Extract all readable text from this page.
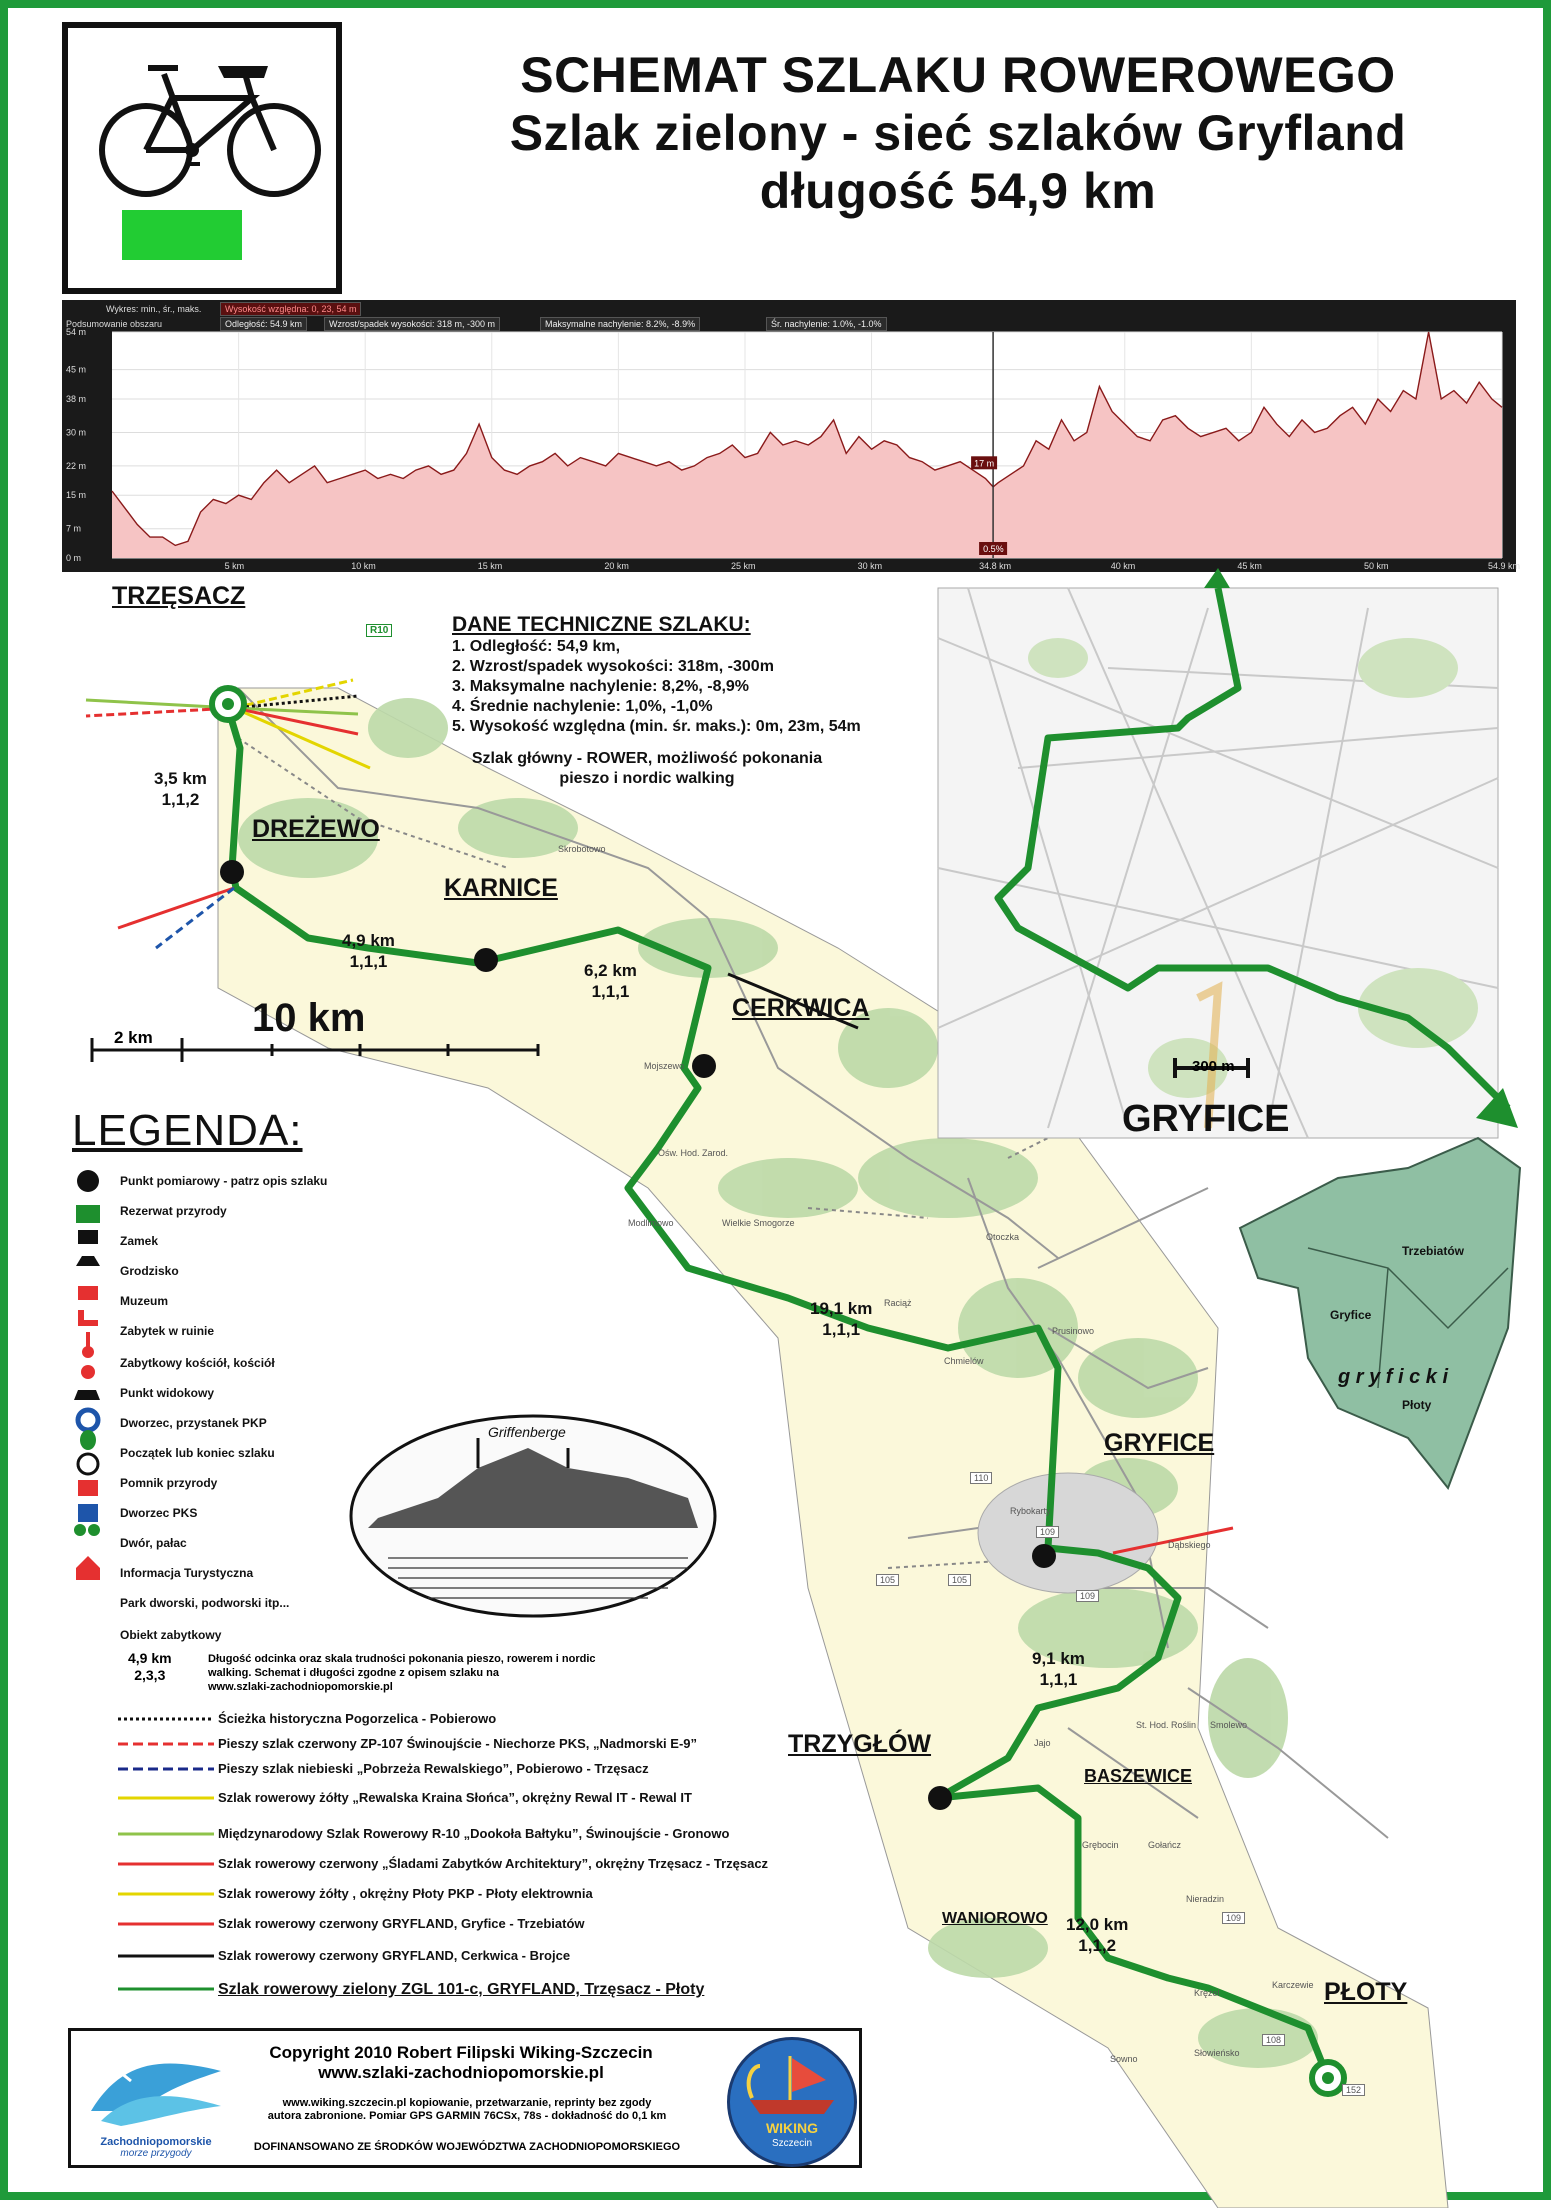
SCHEMAT SZLAKU ROWEROWEGO
Szlak zielony - sieć szlaków Gryfland
długość 54,9 km
Wykres: min., śr., maks.	Wysokość względna: 0, 23, 54 m
Podsumowanie obszaru	Odległość: 54.9 km	Wzrost/spadek wysokości: 318 m, -300 m	Maksymalne nachylenie: 8.2%, -8.9%	Śr. nachylenie: 1.0%, -1.0%
54 m
45 m
38 m
30 m
22 m
15 m
7 m
0 m
5 km	10 km	15 km	20 km	25 km	30 km	34.8 km	40 km	45 km	50 km	54.9 km
17 m
0.5%
TRZĘSACZ
DREŻEWO
KARNICE
CERKWICA
GRYFICE
TRZYGŁÓW
BASZEWICE
WANIOROWO
PŁOTY
GRYFICE
3,5 km
1,1,2
4,9 km
1,1,1	6,2 km
1,1,1
19,1 km
1,1,1
9,1 km
1,1,1
12,0 km
1,1,2
2 km 10 km
300 m
Skrobotowo
Ośw. Hod. Zarod.
Mojszewo
Modlimowo	Wielkie Smogorze
Otoczka
Raciąż
Chmielów
Prusinowo
Dąbskiego
St. Hod. Roślin Smolewo
Grębocin
Nieradzin
Krężel
Karczewie
Gołańcz
Jajo
Rybokarty
Słowieńsko
Sowno
110
109
105
109
105
109
108
152
Trzebiatów
Gryfice
Płoty
g r y f i c k i
Griffenberge
R10	DANE TECHNICZNE SZLAKU:
1. Odległość: 54,9 km,
2. Wzrost/spadek wysokości: 318m, -300m
3. Maksymalne nachylenie: 8,2%, -8,9%
4. Średnie nachylenie: 1,0%, -1,0%
5. Wysokość względna (min. śr. maks.): 0m, 23m, 54m
Szlak główny - ROWER, możliwość pokonania
pieszo i nordic walking
LEGENDA:
Punkt pomiarowy - patrz opis szlaku
Rezerwat przyrody
Zamek
Grodzisko
Muzeum
Zabytek w ruinie
Zabytkowy kościół, kościół
Punkt widokowy
Dworzec, przystanek PKP
Początek lub koniec szlaku
Pomnik przyrody
Dworzec PKS
Dwór, pałac
Informacja Turystyczna
Park dworski, podworski itp...
Obiekt zabytkowy
4,9 km
2,3,3
Długość odcinka oraz skala trudności pokonania pieszo, rowerem i nordic
walking. Schemat i długości zgodne z opisem szlaku na
www.szlaki-zachodniopomorskie.pl
Ścieżka historyczna Pogorzelica - Pobierowo
Pieszy szlak czerwony ZP-107 Świnoujście - Niechorze PKS, „Nadmorski E-9”
Pieszy szlak niebieski „Pobrzeża Rewalskiego”, Pobierowo - Trzęsacz
Szlak rowerowy żółty „Rewalska Kraina Słońca”, okrężny Rewal IT - Rewal IT
Międzynarodowy Szlak Rowerowy R-10 „Dookoła Bałtyku”, Świnoujście - Gronowo
Szlak rowerowy czerwony „Śladami Zabytków Architektury”, okrężny Trzęsacz - Trzęsacz
Szlak rowerowy żółty , okrężny Płoty PKP - Płoty elektrownia
Szlak rowerowy czerwony GRYFLAND, Gryfice - Trzebiatów
Szlak rowerowy czerwony GRYFLAND, Cerkwica - Brojce
Szlak rowerowy zielony ZGL 101-c, GRYFLAND, Trzęsacz - Płoty
Zachodniopomorskie
morze przygody
Copyright 2010 Robert Filipski Wiking-Szczecin
www.szlaki-zachodniopomorskie.pl
www.wiking.szczecin.pl kopiowanie, przetwarzanie, reprinty bez zgody
autora zabronione. Pomiar GPS GARMIN 76CSx, 78s - dokładność do 0,1 km
DOFINANSOWANO ZE ŚRODKÓW WOJEWÓDZTWA ZACHODNIOPOMORSKIEGO
WIKING
Szczecin
